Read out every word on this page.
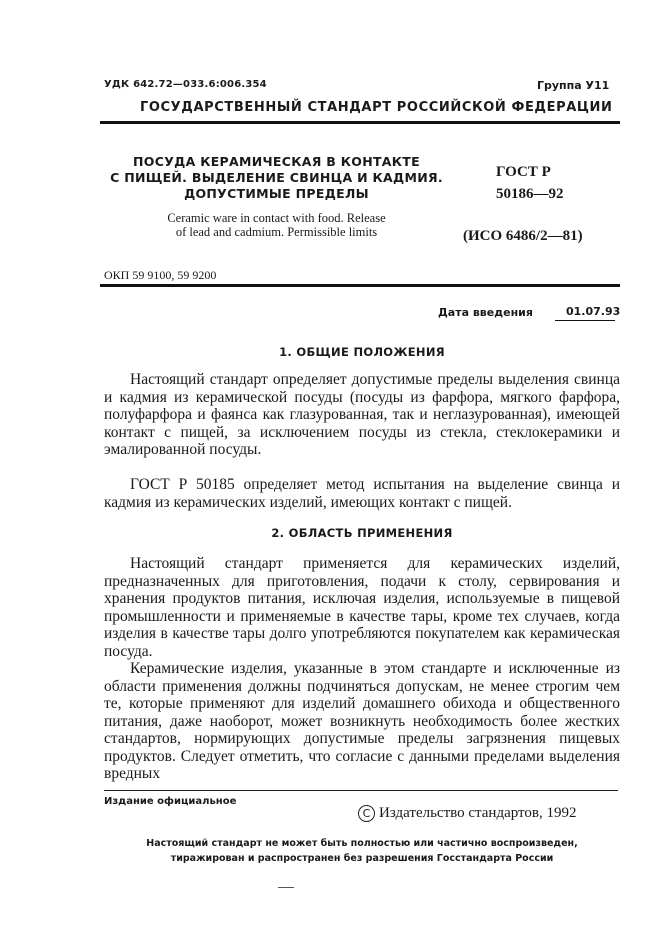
УДК 642.72—033.6:006.354	Группа У11
ГОСУДАРСТВЕННЫЙ СТАНДАРТ РОССИЙСКОЙ ФЕДЕРАЦИИ
ПОСУДА КЕРАМИЧЕСКАЯ В КОНТАКТЕ
С ПИЩЕЙ. ВЫДЕЛЕНИЕ СВИНЦА И КАДМИЯ.
ДОПУСТИМЫЕ ПРЕДЕЛЫ
Ceramic ware in contact with food. Release
of lead and cadmium. Permissible limits
ГОСТ Р
50186—92
(ИСО 6486/2—81)
ОКП 59 9100, 59 9200
Дата введения	01.07.93
1. ОБЩИЕ ПОЛОЖЕНИЯ
Настоящий стандарт определяет допустимые пределы выделения свинца и кадмия из керамической посуды (посуды из фарфора, мягкого фарфора, полуфарфора и фаянса как глазурованная, так и неглазурованная), имеющей контакт с пищей, за исключением посуды из стекла, стеклокерамики и эмалированной посуды.
ГОСТ Р 50185 определяет метод испытания на выделение свинца и кадмия из керамических изделий, имеющих контакт с пищей.
2. ОБЛАСТЬ ПРИМЕНЕНИЯ
Настоящий стандарт применяется для керамических изделий, предназначенных для приготовления, подачи к столу, сервирования и хранения продуктов питания, исключая изделия, используемые в пищевой промышленности и применяемые в качестве тары, кроме тех случаев, когда изделия в качестве тары долго употребляются покупателем как керамическая посуда.
Керамические изделия, указанные в этом стандарте и исключенные из области применения должны подчиняться допускам, не менее строгим чем те, которые применяют для изделий домашнего обихода и общественного питания, даже наоборот, может возникнуть необходимость более жестких стандартов, нормирующих допустимые пределы загрязнения пищевых продуктов. Следует отметить, что согласие с данными пределами выделения вредных
Издание официальное
C Издательство стандартов, 1992
Настоящий стандарт не может быть полностью или частично воспроизведен,
тиражирован и распространен без разрешения Госстандарта России
